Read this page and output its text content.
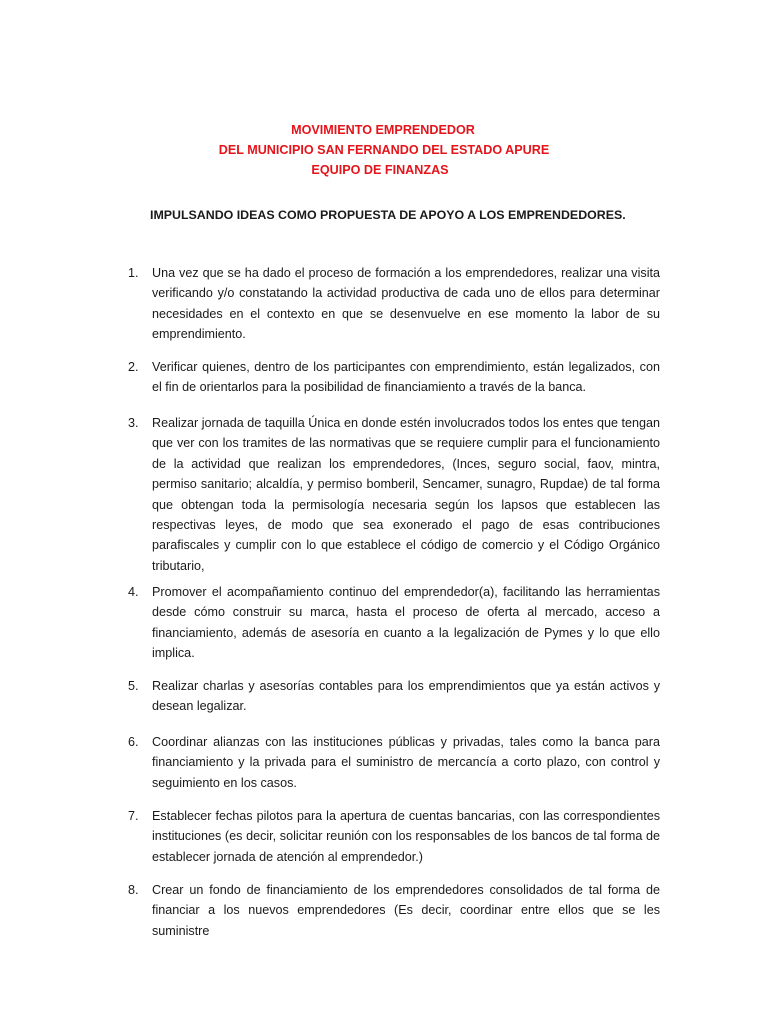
MOVIMIENTO EMPRENDEDOR
DEL MUNICIPIO SAN FERNANDO DEL ESTADO APURE
EQUIPO DE FINANZAS
IMPULSANDO IDEAS COMO PROPUESTA DE APOYO A LOS EMPRENDEDORES.
1.	Una vez que se ha dado el proceso de formación a los emprendedores, realizar una visita verificando y/o constatando la actividad productiva de cada uno de ellos para determinar necesidades en el contexto en que se desenvuelve en ese momento la labor de su emprendimiento.
2.	Verificar quienes, dentro de los participantes con emprendimiento, están legalizados, con el fin de orientarlos para la posibilidad de financiamiento a través de la banca.
3.	Realizar jornada de taquilla Única en donde estén involucrados todos los entes que tengan que ver con los tramites de las normativas que se requiere cumplir para el funcionamiento de la actividad que realizan los emprendedores, (Inces, seguro social, faov, mintra, permiso sanitario; alcaldía, y permiso bomberil, Sencamer, sunagro, Rupdae) de tal forma que obtengan toda la permisología necesaria según los lapsos que establecen las respectivas leyes, de modo que sea exonerado el pago de esas contribuciones parafiscales y cumplir con lo que establece el código de comercio y el Código Orgánico tributario,
4.	Promover el acompañamiento continuo del emprendedor(a), facilitando las herramientas desde cómo construir su marca, hasta el proceso de oferta al mercado, acceso a financiamiento, además de asesoría en cuanto a la legalización de Pymes y lo que ello implica.
5.	Realizar charlas y asesorías contables para los emprendimientos que ya están activos y desean legalizar.
6.	Coordinar alianzas con las instituciones públicas y privadas, tales como la banca para financiamiento y la privada para el suministro de mercancía a corto plazo, con control y seguimiento en los casos.
7.	Establecer fechas pilotos para la apertura de cuentas bancarias, con las correspondientes instituciones (es decir, solicitar reunión con los responsables de los bancos de tal forma de establecer jornada de atención al emprendedor.)
8.	Crear un fondo de financiamiento de los emprendedores consolidados de tal forma de financiar a los nuevos emprendedores (Es decir, coordinar entre ellos que se les suministre
